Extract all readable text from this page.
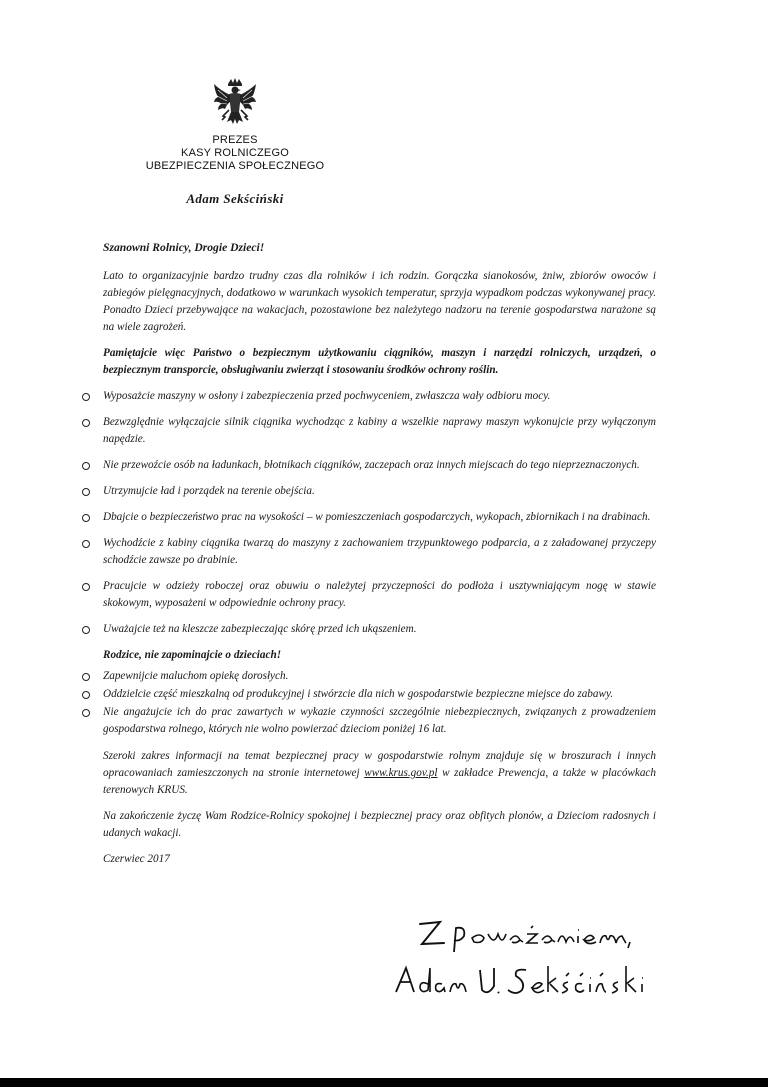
PREZES
KASY ROLNICZEGO
UBEZPIECZENIA SPOŁECZNEGO
Adam Sekściński

Szanowni Rolnicy, Drogie Dzieci!

Lato to organizacyjnie bardzo trudny czas dla rolników i ich rodzin. Gorączka sianokosów, żniw, zbiorów owoców i zabiegów pielęgnacyjnych, dodatkowo w warunkach wysokich temperatur, sprzyja wypadkom podczas wykonywanej pracy. Ponadto Dzieci przebywające na wakacjach, pozostawione bez należytego nadzoru na terenie gospodarstwa narażone są na wiele zagrożeń.

Pamiętajcie więc Państwo o bezpiecznym użytkowaniu ciągników, maszyn i narzędzi rolniczych, urządzeń, o bezpiecznym transporcie, obsługiwaniu zwierząt i stosowaniu środków ochrony roślin.

Wyposażcie maszyny w osłony i zabezpieczenia przed pochwyceniem, zwłaszcza wały odbioru mocy.
Bezwzględnie wyłączajcie silnik ciągnika wychodząc z kabiny a wszelkie naprawy maszyn wykonujcie przy wyłączonym napędzie.
Nie przewoźcie osób na ładunkach, błotnikach ciągników, zaczepach oraz innych miejscach do tego nieprzeznaczonych.
Utrzymujcie ład i porządek na terenie obejścia.
Dbajcie o bezpieczeństwo prac na wysokości – w pomieszczeniach gospodarczych, wykopach, zbiornikach i na drabinach.
Wychodźcie z kabiny ciągnika twarzą do maszyny z zachowaniem trzypunktowego podparcia, a z załadowanej przyczepy schodźcie zawsze po drabinie.
Pracujcie w odzieży roboczej oraz obuwiu o należytej przyczepności do podłoża i usztywniającym nogę w stawie skokowym, wyposażeni w odpowiednie ochrony pracy.
Uważajcie też na kleszcze zabezpieczając skórę przed ich ukąszeniem.

Rodzice, nie zapominajcie o dzieciach!

Zapewnijcie maluchom opiekę dorosłych.
Oddzielcie część mieszkalną od produkcyjnej i stwórzcie dla nich w gospodarstwie bezpieczne miejsce do zabawy.
Nie angażujcie ich do prac zawartych w wykazie czynności szczególnie niebezpiecznych, związanych z prowadzeniem gospodarstwa rolnego, których nie wolno powierzać dzieciom poniżej 16 lat.

Szeroki zakres informacji na temat bezpiecznej pracy w gospodarstwie rolnym znajduje się w broszurach i innych opracowaniach zamieszczonych na stronie internetowej www.krus.gov.pl w zakładce Prewencja, a także w placówkach terenowych KRUS.

Na zakończenie życzę Wam Rodzice-Rolnicy spokojnej i bezpiecznej pracy oraz obfitych plonów, a Dzieciom radosnych i udanych wakacji.

Czerwiec 2017
